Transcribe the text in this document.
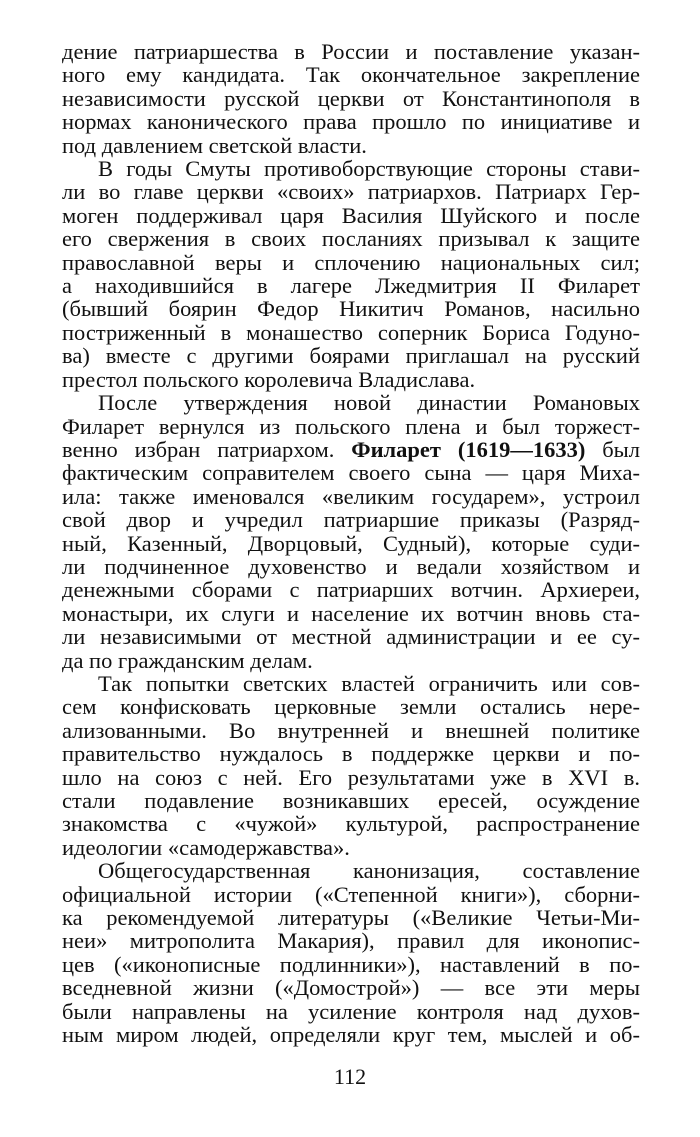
дение патриаршества в России и поставление указан-
ного ему кандидата. Так окончательное закрепление
независимости русской церкви от Константинополя в
нормах канонического права прошло по инициативе и
под давлением светской власти.

В годы Смуты противоборствующие стороны стави-
ли во главе церкви «своих» патриархов. Патриарх Гер-
моген поддерживал царя Василия Шуйского и после
его свержения в своих посланиях призывал к защите
православной веры и сплочению национальных сил;
а находившийся в лагере Лжедмитрия II Филарет
(бывший боярин Федор Никитич Романов, насильно
постриженный в монашество соперник Бориса Годуно-
ва) вместе с другими боярами приглашал на русский
престол польского королевича Владислава.

После утверждения новой династии Романовых
Филарет вернулся из польского плена и был торжест-
венно избран патриархом. Филарет (1619—1633) был
фактическим соправителем своего сына — царя Миха-
ила: также именовался «великим государем», устроил
свой двор и учредил патриаршие приказы (Разряд-
ный, Казенный, Дворцовый, Судный), которые суди-
ли подчиненное духовенство и ведали хозяйством и
денежными сборами с патриарших вотчин. Архиереи,
монастыри, их слуги и население их вотчин вновь ста-
ли независимыми от местной администрации и ее су-
да по гражданским делам.

Так попытки светских властей ограничить или сов-
сем конфисковать церковные земли остались нере-
ализованными. Во внутренней и внешней политике
правительство нуждалось в поддержке церкви и по-
шло на союз с ней. Его результатами уже в XVI в.
стали подавление возникавших ересей, осуждение
знакомства с «чужой» культурой, распространение
идеологии «самодержавства».

Общегосударственная канонизация, составление
официальной истории («Степенной книги»), сборни-
ка рекомендуемой литературы («Великие Четьи-Ми-
неи» митрополита Макария), правил для иконопис-
цев («иконописные подлинники»), наставлений в по-
вседневной жизни («Домострой») — все эти меры
были направлены на усиление контроля над духов-
ным миром людей, определяли круг тем, мыслей и об-

112
